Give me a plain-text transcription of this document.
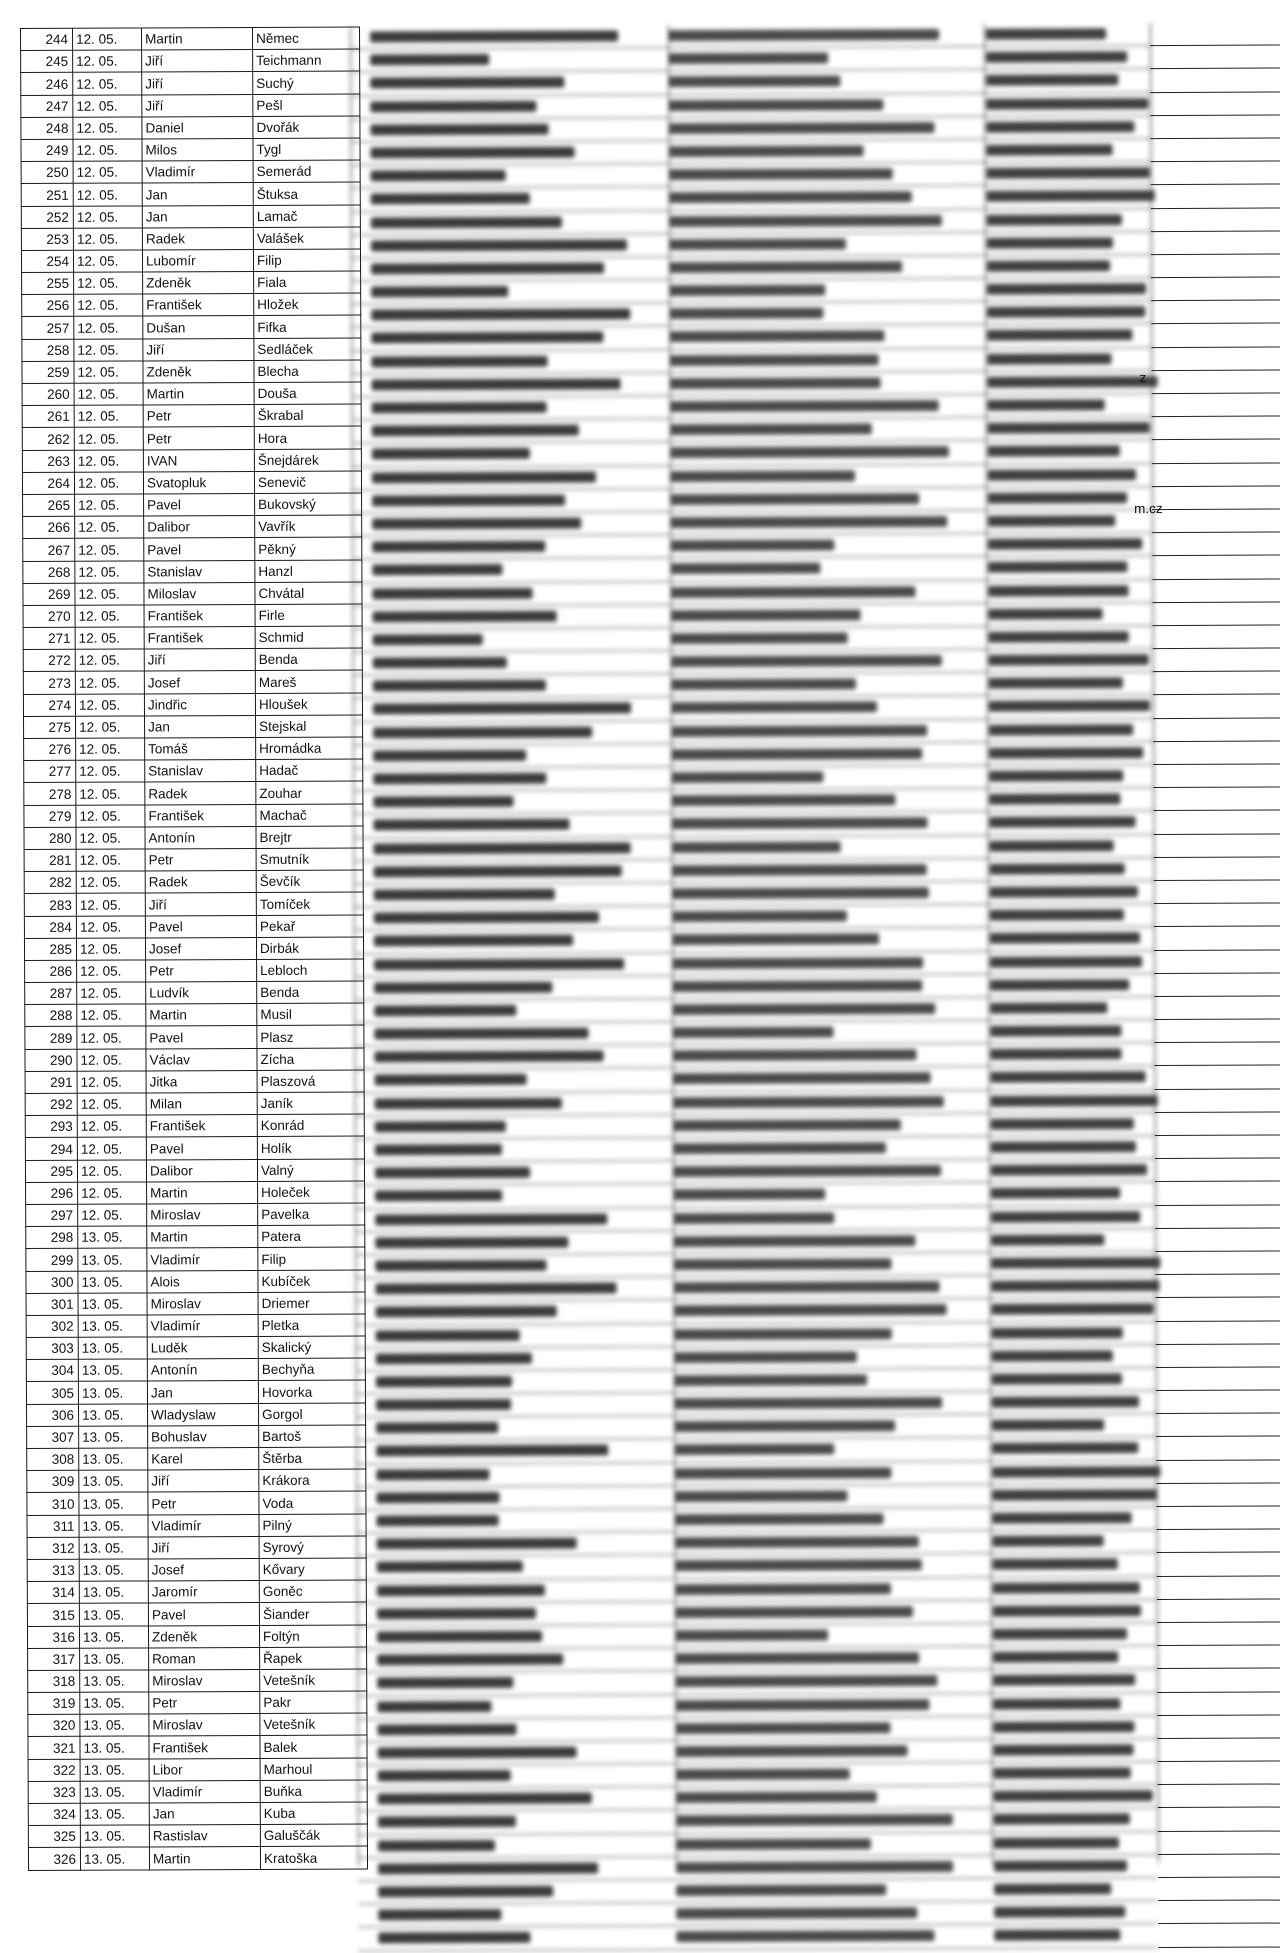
244	12. 05.	Martin	Němec
245	12. 05.	Jiří	Teichmann
246	12. 05.	Jiří	Suchý
247	12. 05.	Jiří	Pešl
248	12. 05.	Daniel	Dvořák
249	12. 05.	Milos	Tygl
250	12. 05.	Vladimír	Semerád
251	12. 05.	Jan	Štuksa
252	12. 05.	Jan	Lamač
253	12. 05.	Radek	Valášek
254	12. 05.	Lubomír	Filip
255	12. 05.	Zdeněk	Fiala
256	12. 05.	František	Hložek
257	12. 05.	Dušan	Fifka
258	12. 05.	Jiří	Sedláček
259	12. 05.	Zdeněk	Blecha
260	12. 05.	Martin	Douša
261	12. 05.	Petr	Škrabal
262	12. 05.	Petr	Hora
263	12. 05.	IVAN	Šnejdárek
264	12. 05.	Svatopluk	Senevič
265	12. 05.	Pavel	Bukovský
266	12. 05.	Dalibor	Vavřík
267	12. 05.	Pavel	Pěkný
268	12. 05.	Stanislav	Hanzl
269	12. 05.	Miloslav	Chvátal
270	12. 05.	František	Firle
271	12. 05.	František	Schmid
272	12. 05.	Jiří	Benda
273	12. 05.	Josef	Mareš
274	12. 05.	Jindřic	Hloušek
275	12. 05.	Jan	Stejskal
276	12. 05.	Tomáš	Hromádka
277	12. 05.	Stanislav	Hadač
278	12. 05.	Radek	Zouhar
279	12. 05.	František	Machač
280	12. 05.	Antonín	Brejtr
281	12. 05.	Petr	Smutník
282	12. 05.	Radek	Ševčík
283	12. 05.	Jiří	Tomíček
284	12. 05.	Pavel	Pekař
285	12. 05.	Josef	Dirbák
286	12. 05.	Petr	Lebloch
287	12. 05.	Ludvík	Benda
288	12. 05.	Martin	Musil
289	12. 05.	Pavel	Plasz
290	12. 05.	Václav	Zícha
291	12. 05.	Jitka	Plaszová
292	12. 05.	Milan	Janík
293	12. 05.	František	Konrád
294	12. 05.	Pavel	Holík
295	12. 05.	Dalibor	Valný
296	12. 05.	Martin	Holeček
297	12. 05.	Miroslav	Pavelka
298	13. 05.	Martin	Patera
299	13. 05.	Vladimír	Filip
300	13. 05.	Alois	Kubíček
301	13. 05.	Miroslav	Driemer
302	13. 05.	Vladimír	Pletka
303	13. 05.	Luděk	Skalický
304	13. 05.	Antonín	Bechyňa
305	13. 05.	Jan	Hovorka
306	13. 05.	Wladyslaw	Gorgol
307	13. 05.	Bohuslav	Bartoš
308	13. 05.	Karel	Štěrba
309	13. 05.	Jiří	Krákora
310	13. 05.	Petr	Voda
311	13. 05.	Vladimír	Pilný
312	13. 05.	Jiří	Syrový
313	13. 05.	Josef	Kővary
314	13. 05.	Jaromír	Goněc
315	13. 05.	Pavel	Šiander
316	13. 05.	Zdeněk	Foltýn
317	13. 05.	Roman	Řapek
318	13. 05.	Miroslav	Vetešník
319	13. 05.	Petr	Pakr
320	13. 05.	Miroslav	Vetešník
321	13. 05.	František	Balek
322	13. 05.	Libor	Marhoul
323	13. 05.	Vladimír	Buňka
324	13. 05.	Jan	Kuba
325	13. 05.	Rastislav	Galuščák
326	13. 05.	Martin	Kratoška
z
m.cz
